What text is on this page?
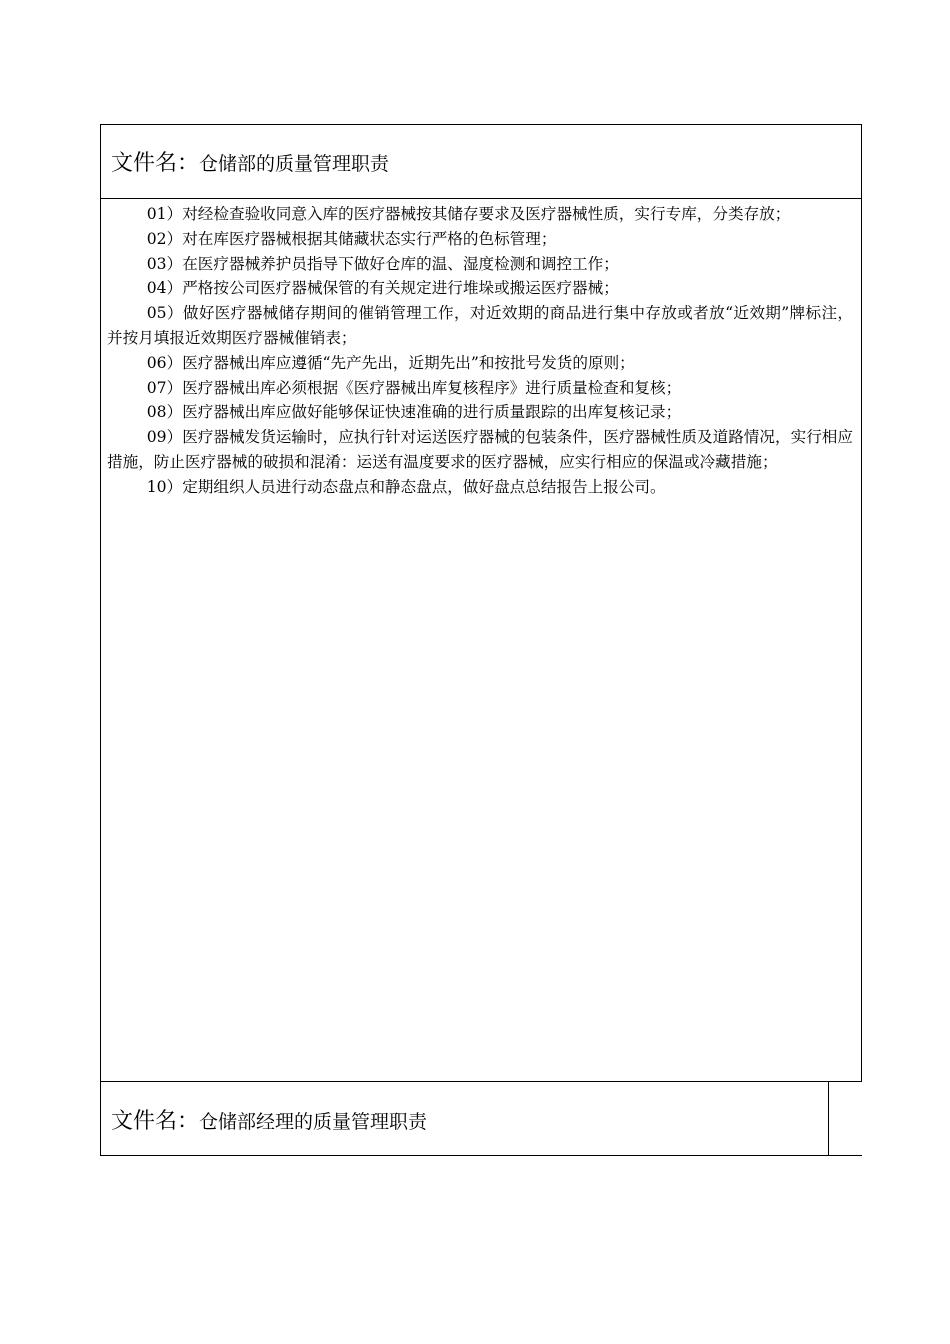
文件名：仓储部的质量管理职责

01）对经检查验收同意入库的医疗器械按其储存要求及医疗器械性质，实行专库，分类存放；

02）对在库医疗器械根据其储藏状态实行严格的色标管理；

03）在医疗器械养护员指导下做好仓库的温、湿度检测和调控工作；

04）严格按公司医疗器械保管的有关规定进行堆垛或搬运医疗器械；

05）做好医疗器械储存期间的催销管理工作，对近效期的商品进行集中存放或者放“近效期”牌标注，并按月填报近效期医疗器械催销表；

06）医疗器械出库应遵循“先产先出，近期先出”和按批号发货的原则；

07）医疗器械出库必须根据《医疗器械出库复核程序》进行质量检查和复核；

08）医疗器械出库应做好能够保证快速准确的进行质量跟踪的出库复核记录；

09）医疗器械发货运输时，应执行针对运送医疗器械的包装条件，医疗器械性质及道路情况，实行相应措施，防止医疗器械的破损和混淆：运送有温度要求的医疗器械，应实行相应的保温或冷藏措施；

10）定期组织人员进行动态盘点和静态盘点，做好盘点总结报告上报公司。

文件名：仓储部经理的质量管理职责
